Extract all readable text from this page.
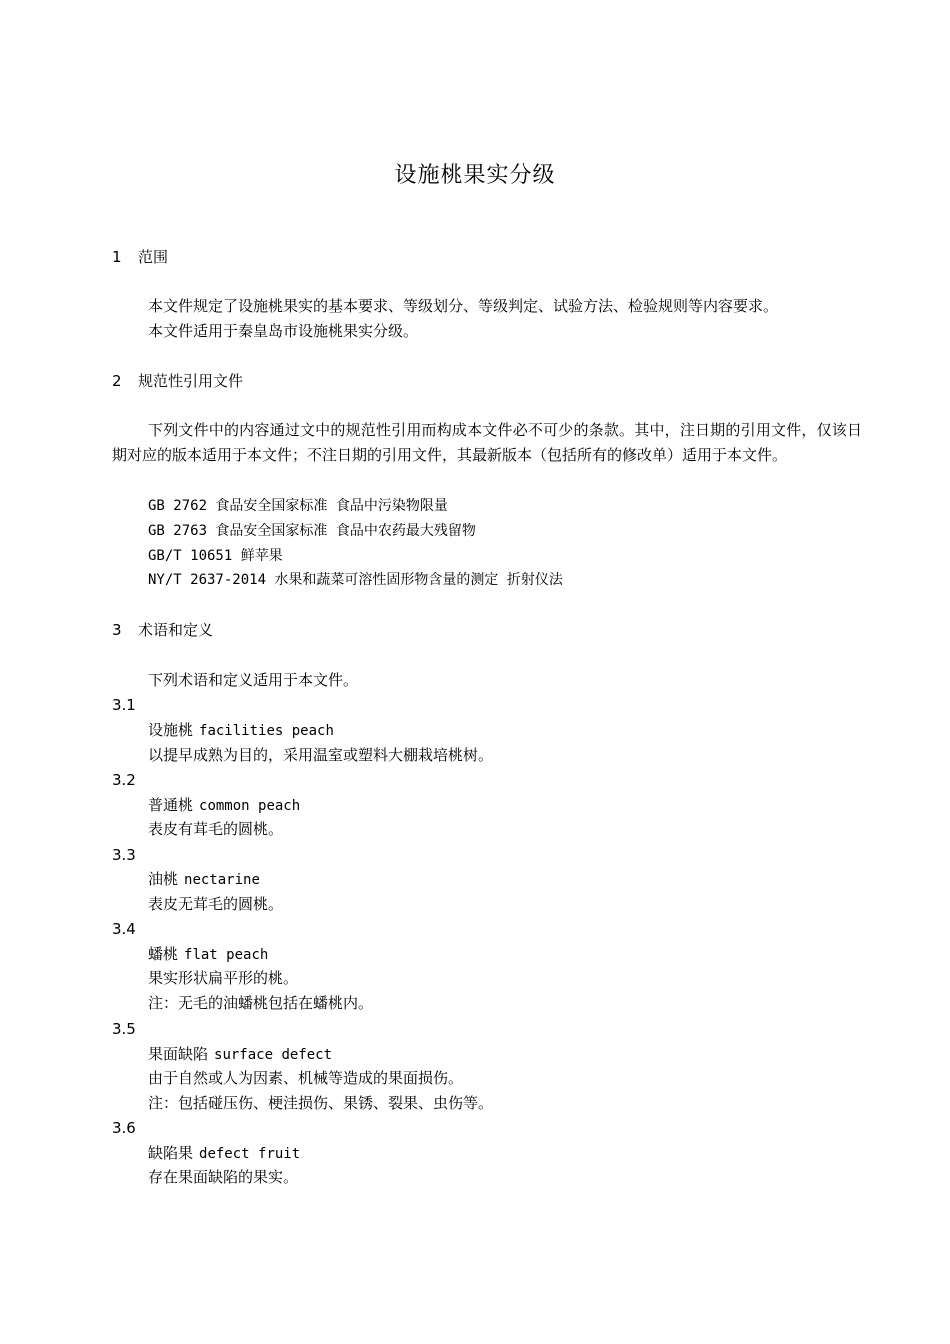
设施桃果实分级
1 范围
本文件规定了设施桃果实的基本要求、等级划分、等级判定、试验方法、检验规则等内容要求。
本文件适用于秦皇岛市设施桃果实分级。
2 规范性引用文件
下列文件中的内容通过文中的规范性引用而构成本文件必不可少的条款。其中，注日期的引用文件，仅该日期对应的版本适用于本文件；不注日期的引用文件，其最新版本（包括所有的修改单）适用于本文件。
GB 2762 食品安全国家标准 食品中污染物限量
GB 2763 食品安全国家标准 食品中农药最大残留物
GB/T 10651 鲜苹果
NY/T 2637-2014 水果和蔬菜可溶性固形物含量的测定 折射仪法
3 术语和定义
下列术语和定义适用于本文件。
3.1
设施桃 facilities peach
以提早成熟为目的，采用温室或塑料大棚栽培桃树。
3.2
普通桃 common peach
表皮有茸毛的圆桃。
3.3
油桃 nectarine
表皮无茸毛的圆桃。
3.4
蟠桃 flat peach
果实形状扁平形的桃。
注：无毛的油蟠桃包括在蟠桃内。
3.5
果面缺陷 surface defect
由于自然或人为因素、机械等造成的果面损伤。
注：包括碰压伤、梗洼损伤、果锈、裂果、虫伤等。
3.6
缺陷果 defect fruit
存在果面缺陷的果实。
